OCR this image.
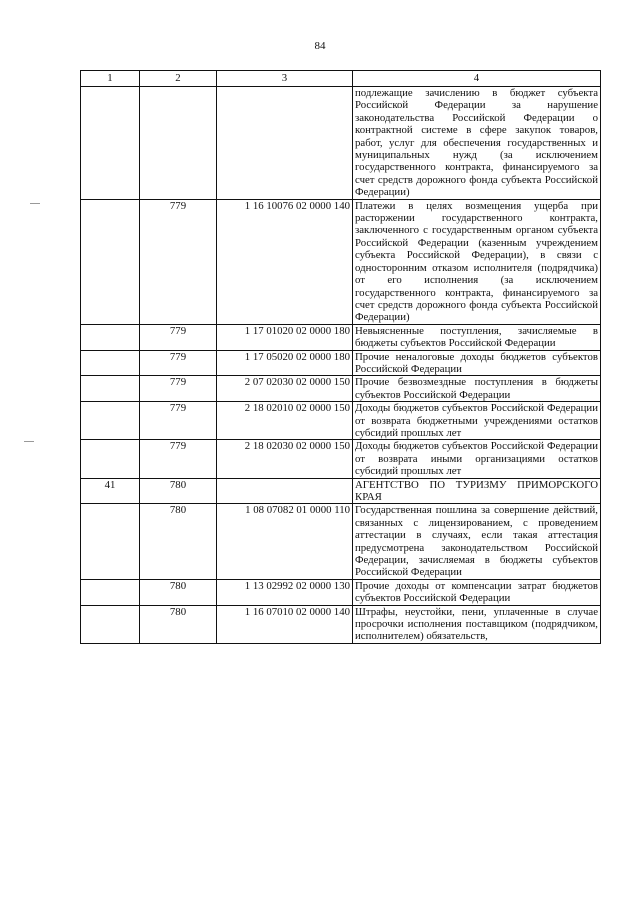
84
1	2	3	4
			подлежащие зачислению в бюджет субъекта Российской Федерации за нарушение законодательства Российской Федерации о контрактной системе в сфере закупок товаров, работ, услуг для обеспечения государственных и муниципальных нужд (за исключением государственного контракта, финансируемого за счет средств дорожного фонда субъекта Российской Федерации)
	779	1 16 10076 02 0000 140	Платежи в целях возмещения ущерба при расторжении государственного контракта, заключенного с государственным органом субъекта Российской Федерации (казенным учреждением субъекта Российской Федерации), в связи с односторонним отказом исполнителя (подрядчика) от его исполнения (за исключением государственного контракта, финансируемого за счет средств дорожного фонда субъекта Российской Федерации)
	779	1 17 01020 02 0000 180	Невыясненные поступления, зачисляемые в бюджеты субъектов Российской Федерации
	779	1 17 05020 02 0000 180	Прочие неналоговые доходы бюджетов субъектов Российской Федерации
	779	2 07 02030 02 0000 150	Прочие безвозмездные поступления в бюджеты субъектов Российской Федерации
	779	2 18 02010 02 0000 150	Доходы бюджетов субъектов Российской Федерации от возврата бюджетными учреждениями остатков субсидий прошлых лет
	779	2 18 02030 02 0000 150	Доходы бюджетов субъектов Российской Федерации от возврата иными организациями остатков субсидий прошлых лет
41	780		АГЕНТСТВО ПО ТУРИЗМУ ПРИМОРСКОГО КРАЯ
	780	1 08 07082 01 0000 110	Государственная пошлина за совершение действий, связанных с лицензированием, с проведением аттестации в случаях, если такая аттестация предусмотрена законодательством Российской Федерации, зачисляемая в бюджеты субъектов Российской Федерации
	780	1 13 02992 02 0000 130	Прочие доходы от компенсации затрат бюджетов субъектов Российской Федерации
	780	1 16 07010 02 0000 140	Штрафы, неустойки, пени, уплаченные в случае просрочки исполнения поставщиком (подрядчиком, исполнителем) обязательств,
